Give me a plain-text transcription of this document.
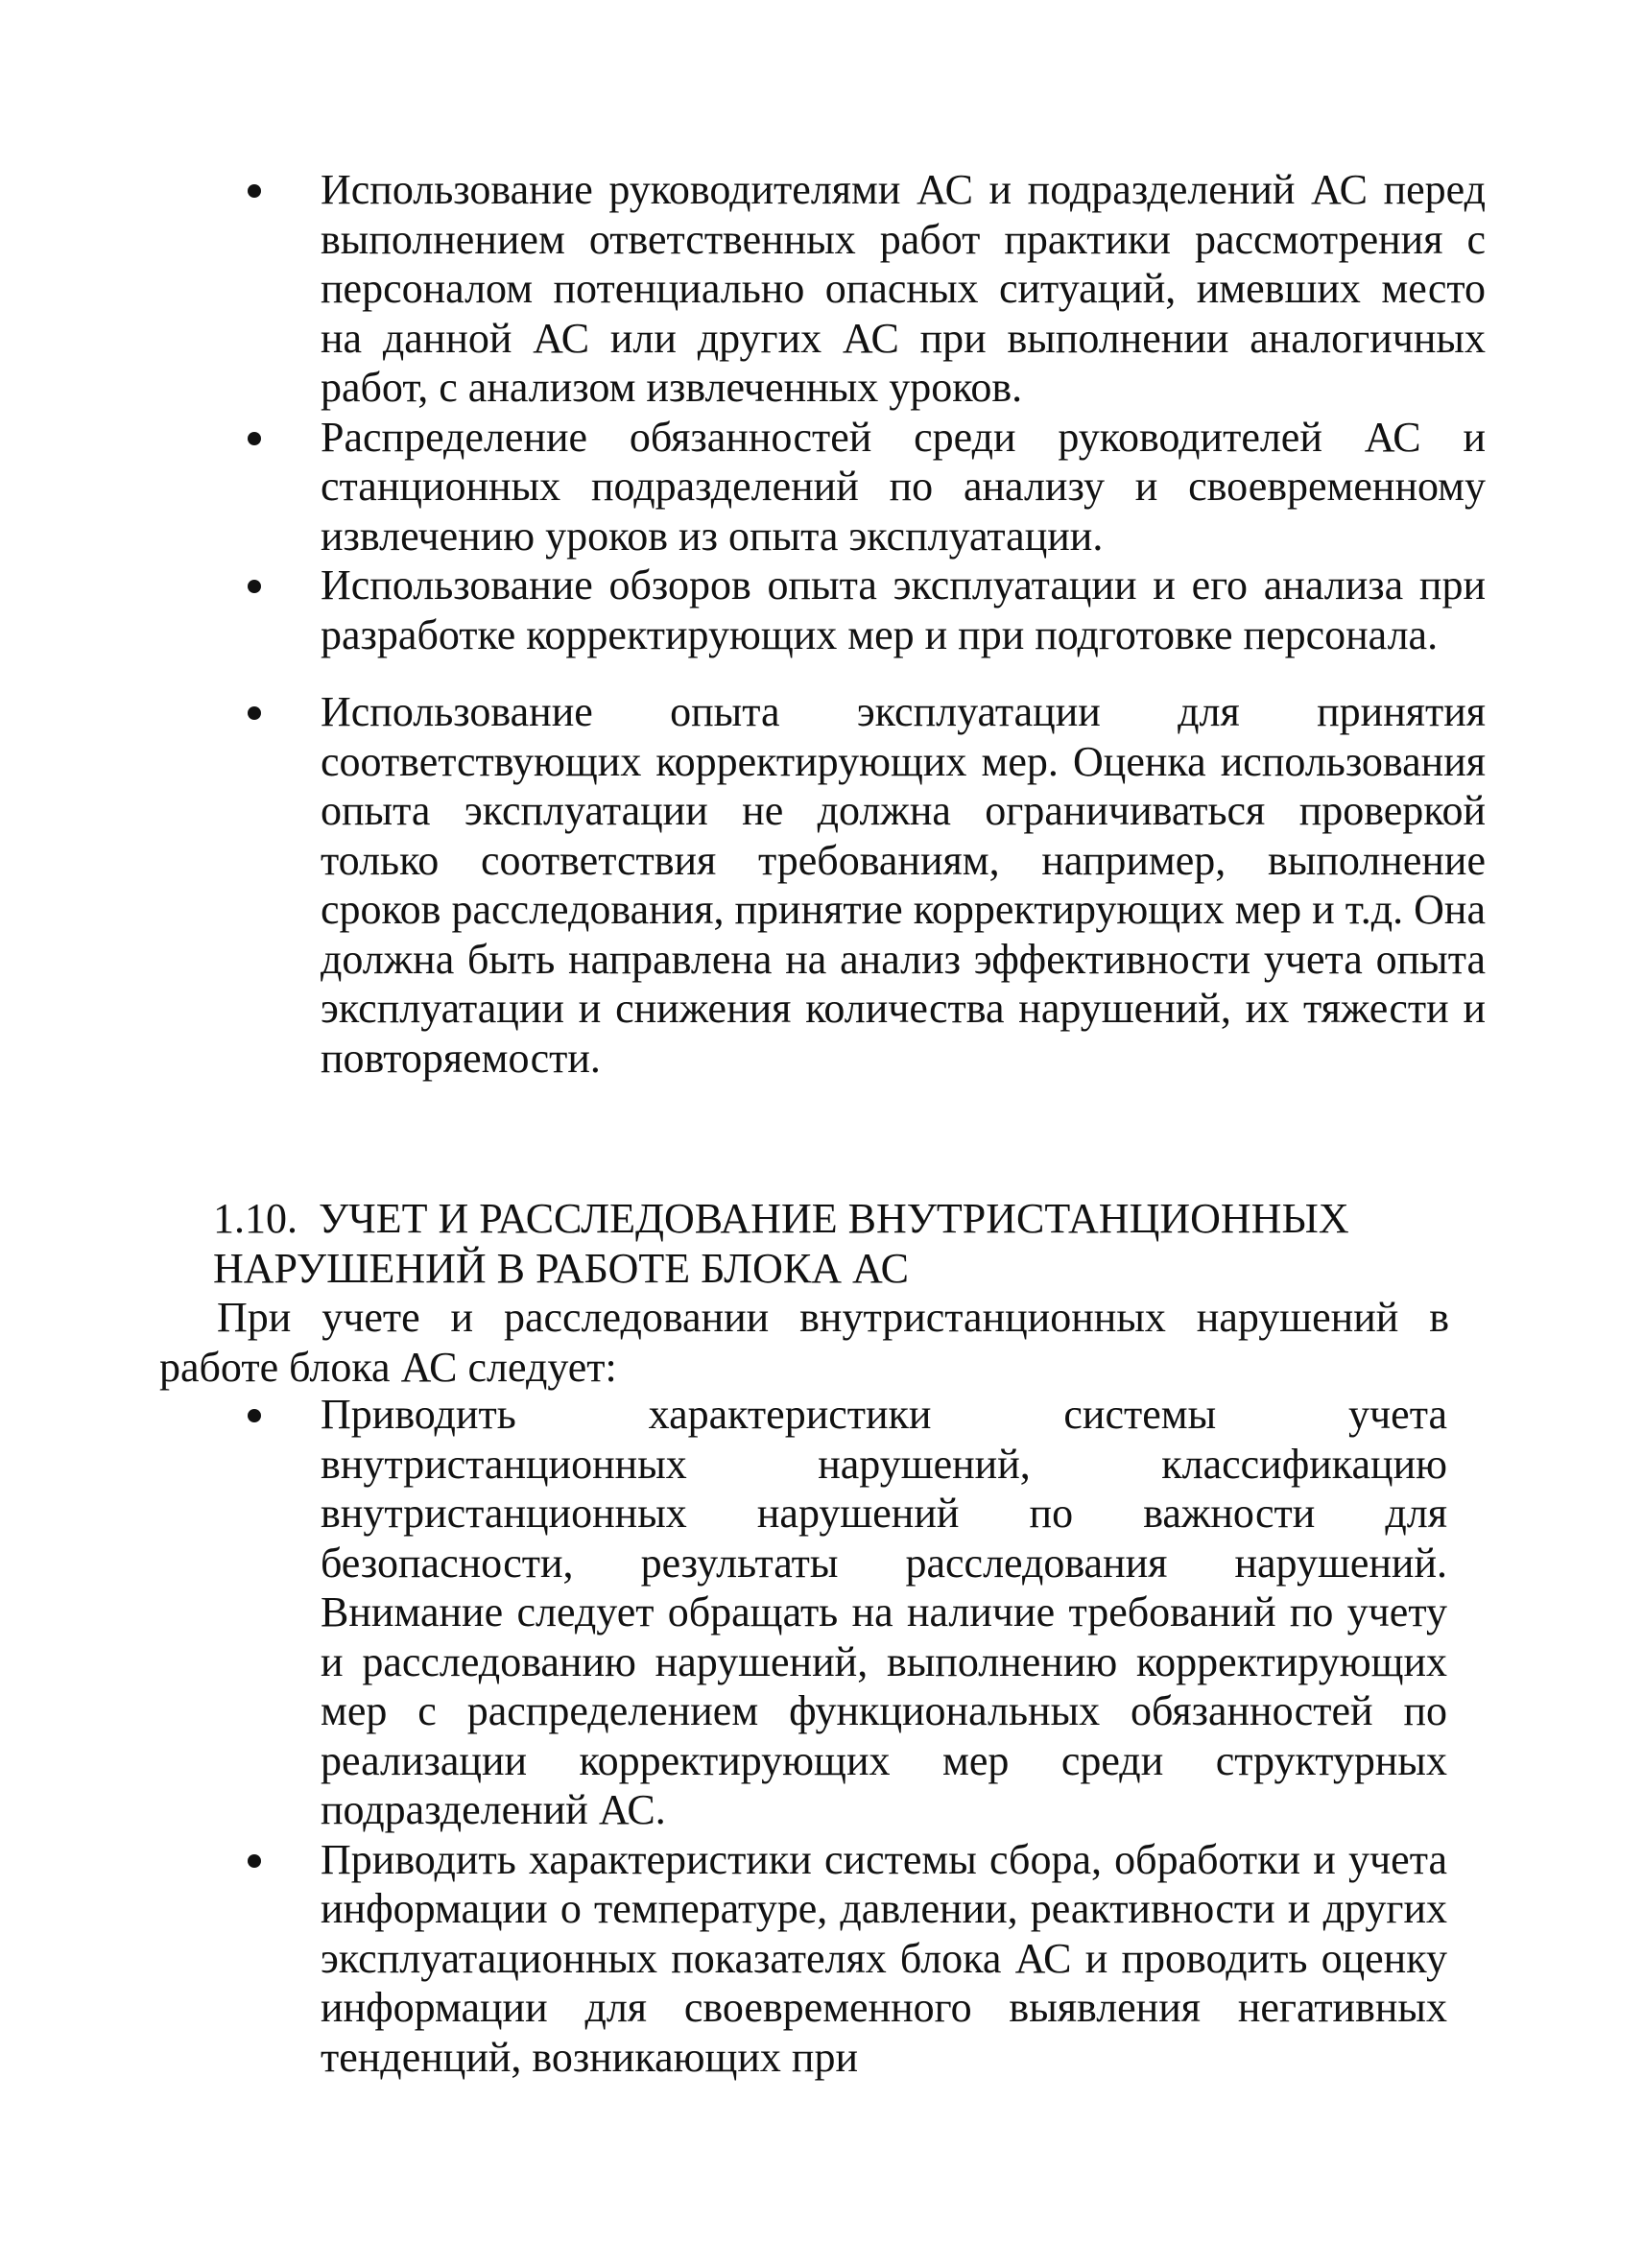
Использование руководителями АС и подразделений АС перед выполнением ответственных работ практики рассмотрения с персоналом потенциально опасных ситуаций, имевших место на данной АС или других АС при выполнении аналогичных работ, с анализом извлеченных уроков.
Распределение обязанностей среди руководителей АС и станционных подразделений по анализу и своевременному извлечению уроков из опыта эксплуатации.
Использование обзоров опыта эксплуатации и его анализа при разработке корректирующих мер и при подготовке персонала.
Использование опыта эксплуатации для принятия соответствующих корректирующих мер. Оценка использования опыта эксплуатации не должна ограничиваться проверкой только соответствия требованиям, например, выполнение сроков расследования, принятие корректирующих мер и т.д. Она должна быть направлена на анализ эффективности учета опыта эксплуатации и снижения количества нарушений, их тяжести и повторяемости.
1.10. УЧЕТ И РАССЛЕДОВАНИЕ ВНУТРИСТАНЦИОННЫХ НАРУШЕНИЙ В РАБОТЕ БЛОКА АС
При учете и расследовании внутристанционных нарушений в работе блока АС следует:
Приводить характеристики системы учета внутристанционных нарушений, классификацию внутристанционных нарушений по важности для безопасности, результаты расследования нарушений. Внимание следует обращать на наличие требований по учету и расследованию нарушений, выполнению корректирующих мер с распределением функциональных обязанностей по реализации корректирующих мер среди структурных подразделений АС.
Приводить характеристики системы сбора, обработки и учета информации о температуре, давлении, реактивности и других эксплуатационных показателях блока АС и проводить оценку информации для своевременного выявления негативных тенденций, возникающих при
